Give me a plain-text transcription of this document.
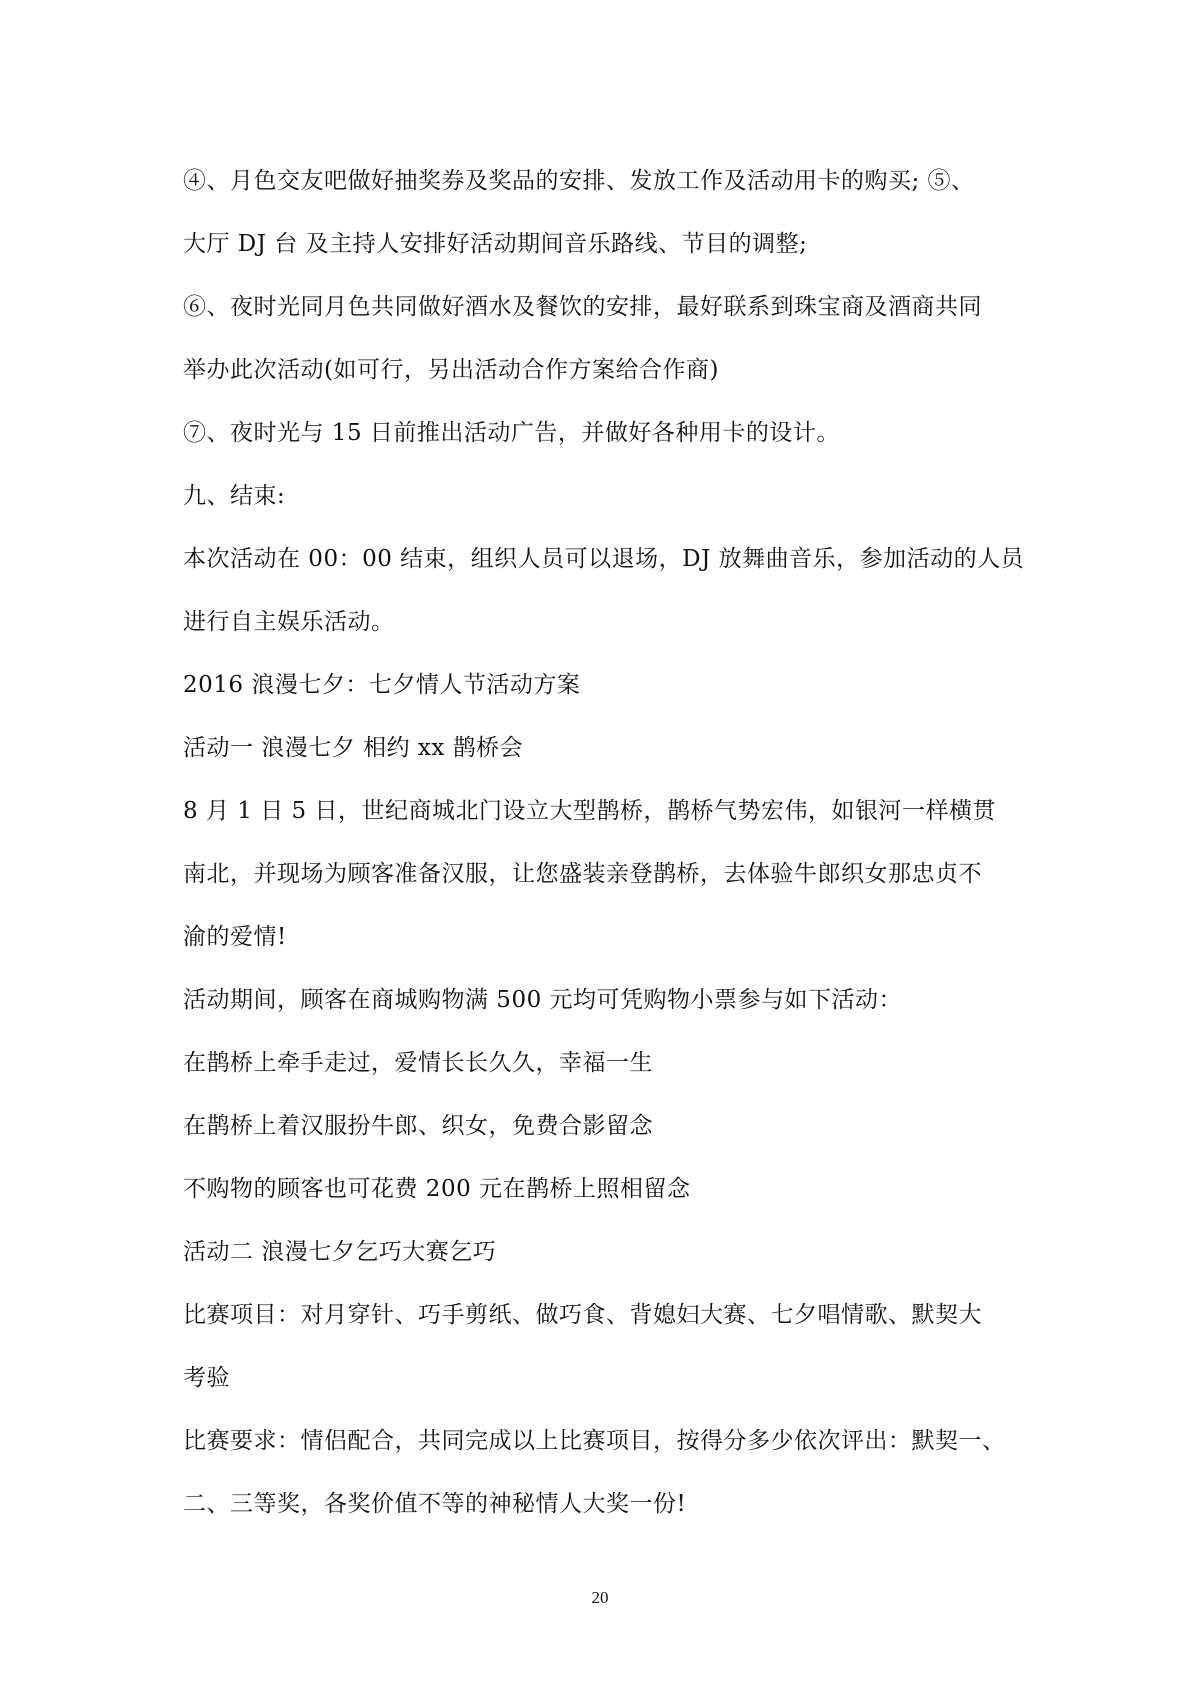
④、月色交友吧做好抽奖券及奖品的安排、发放工作及活动用卡的购买; ⑤、

大厅 DJ 台 及主持人安排好活动期间音乐路线、节目的调整;

⑥、夜时光同月色共同做好酒水及餐饮的安排，最好联系到珠宝商及酒商共同

举办此次活动(如可行，另出活动合作方案给合作商)

⑦、夜时光与 15 日前推出活动广告，并做好各种用卡的设计。

九、结束:

本次活动在 00：00 结束，组织人员可以退场，DJ 放舞曲音乐，参加活动的人员

进行自主娱乐活动。

2016 浪漫七夕：七夕情人节活动方案

活动一 浪漫七夕 相约 xx 鹊桥会

8 月 1 日 5 日，世纪商城北门设立大型鹊桥，鹊桥气势宏伟，如银河一样横贯

南北，并现场为顾客准备汉服，让您盛装亲登鹊桥，去体验牛郎织女那忠贞不

渝的爱情!

活动期间，顾客在商城购物满 500 元均可凭购物小票参与如下活动：

在鹊桥上牵手走过，爱情长长久久，幸福一生

在鹊桥上着汉服扮牛郎、织女，免费合影留念

不购物的顾客也可花费 200 元在鹊桥上照相留念

活动二 浪漫七夕乞巧大赛乞巧

比赛项目：对月穿针、巧手剪纸、做巧食、背媳妇大赛、七夕唱情歌、默契大

考验

比赛要求：情侣配合，共同完成以上比赛项目，按得分多少依次评出：默契一、

二、三等奖，各奖价值不等的神秘情人大奖一份!

20
